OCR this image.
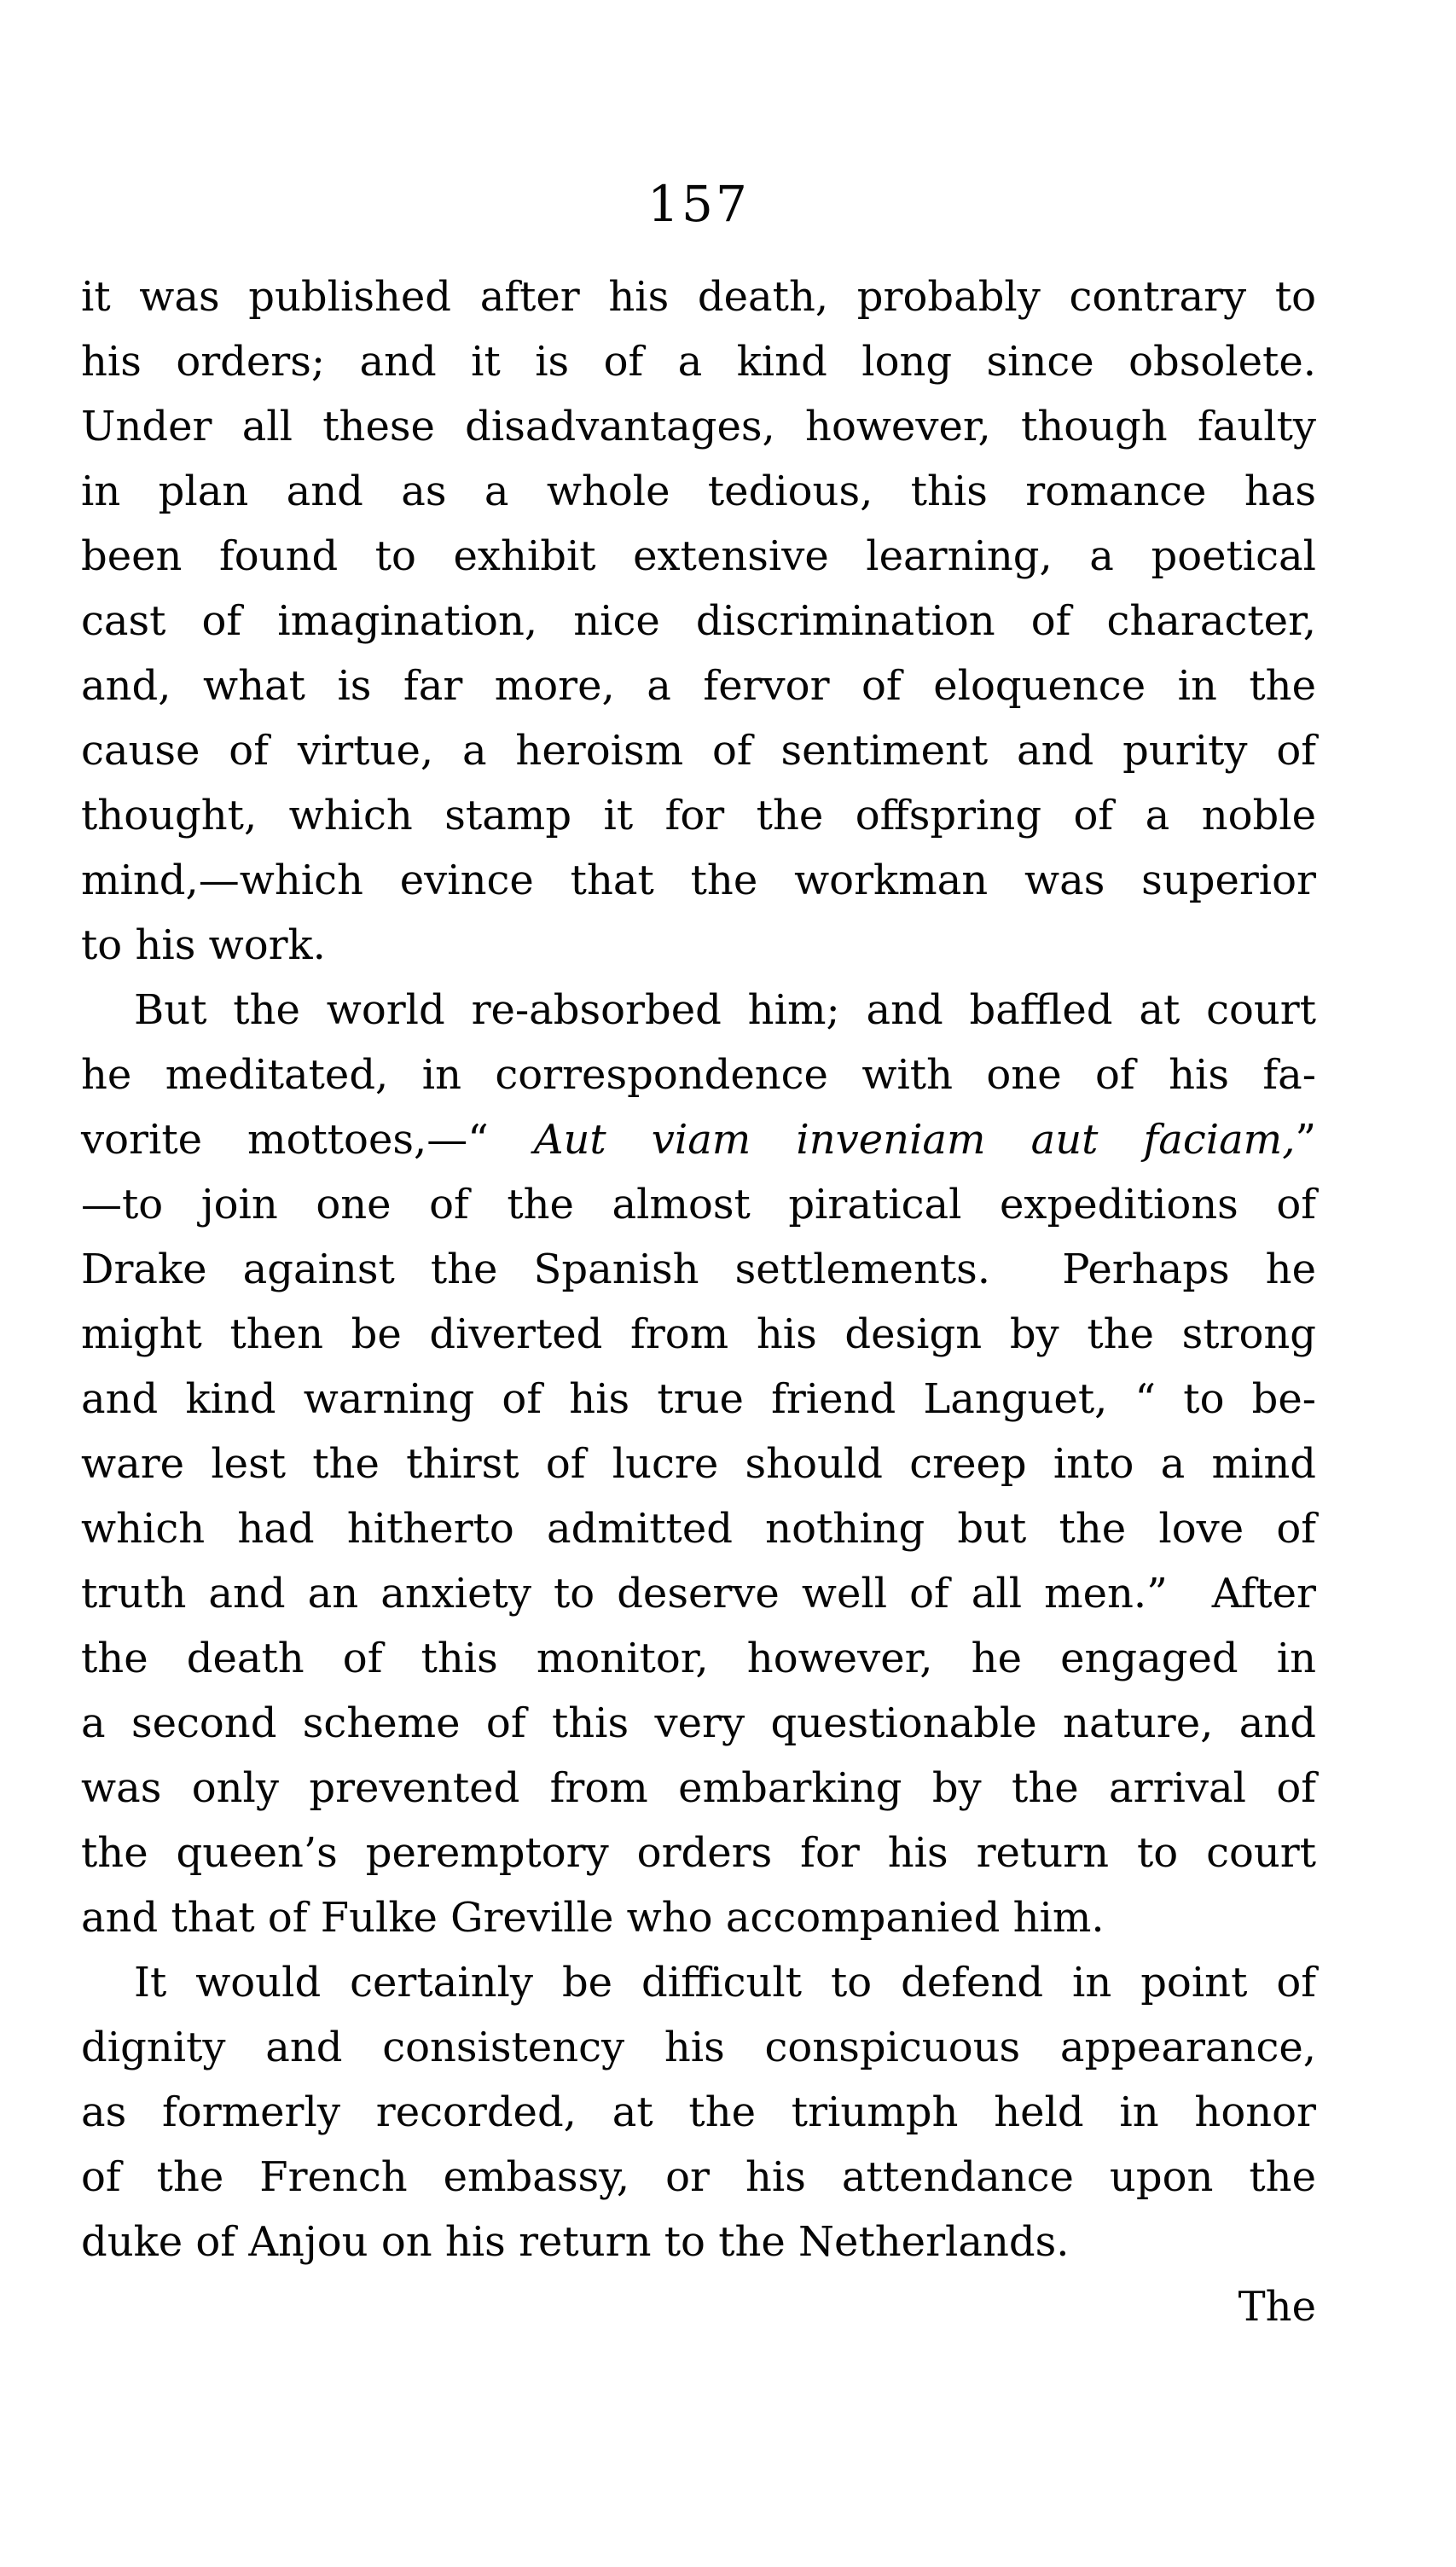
157
it was published after his death, probably contrary to
his orders; and it is of a kind long since obsolete.
Under all these disadvantages, however, though faulty
in plan and as a whole tedious, this romance has
been found to exhibit extensive learning, a poetical
cast of imagination, nice discrimination of character,
and, what is far more, a fervor of eloquence in the
cause of virtue, a heroism of sentiment and purity of
thought, which stamp it for the offspring of a noble
mind,—which evince that the workman was superior
to his work.
But the world re-absorbed him; and baffled at court
he meditated, in correspondence with one of his fa-
vorite mottoes,—“ Aut viam inveniam aut faciam,”
—to join one of the almost piratical expeditions of
Drake against the Spanish settlements.  Perhaps he
might then be diverted from his design by the strong
and kind warning of his true friend Languet, “ to be-
ware lest the thirst of lucre should creep into a mind
which had hitherto admitted nothing but the love of
truth and an anxiety to deserve well of all men.”  After
the death of this monitor, however, he engaged in
a second scheme of this very questionable nature, and
was only prevented from embarking by the arrival of
the queen’s peremptory orders for his return to court
and that of Fulke Greville who accompanied him.
It would certainly be difficult to defend in point of
dignity and consistency his conspicuous appearance,
as formerly recorded, at the triumph held in honor
of the French embassy, or his attendance upon the
duke of Anjou on his return to the Netherlands.
The
